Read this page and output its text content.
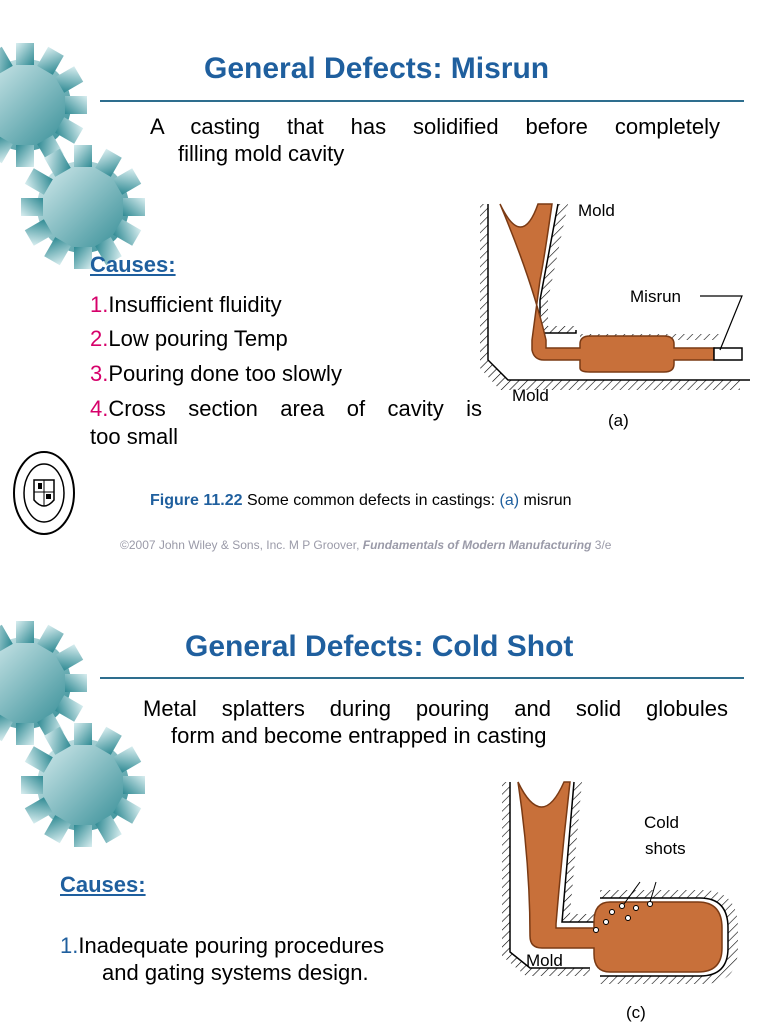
General Defects: Misrun
A casting that has solidified before completely
filling mold cavity
Causes:
1.Insufficient fluidity
2.Low pouring Temp
3.Pouring done too slowly
4.Cross section area of cavity is
too small
Mold
Misrun
Mold
(a)
Figure 11.22 Some common defects in castings: (a) misrun
©2007 John Wiley & Sons, Inc. M P Groover, Fundamentals of Modern Manufacturing 3/e
General Defects: Cold Shot
Metal splatters during pouring and solid globules
form and become entrapped in casting
Causes:
1.Inadequate pouring procedures
and gating systems design.
Cold
shots
Mold
(c)
